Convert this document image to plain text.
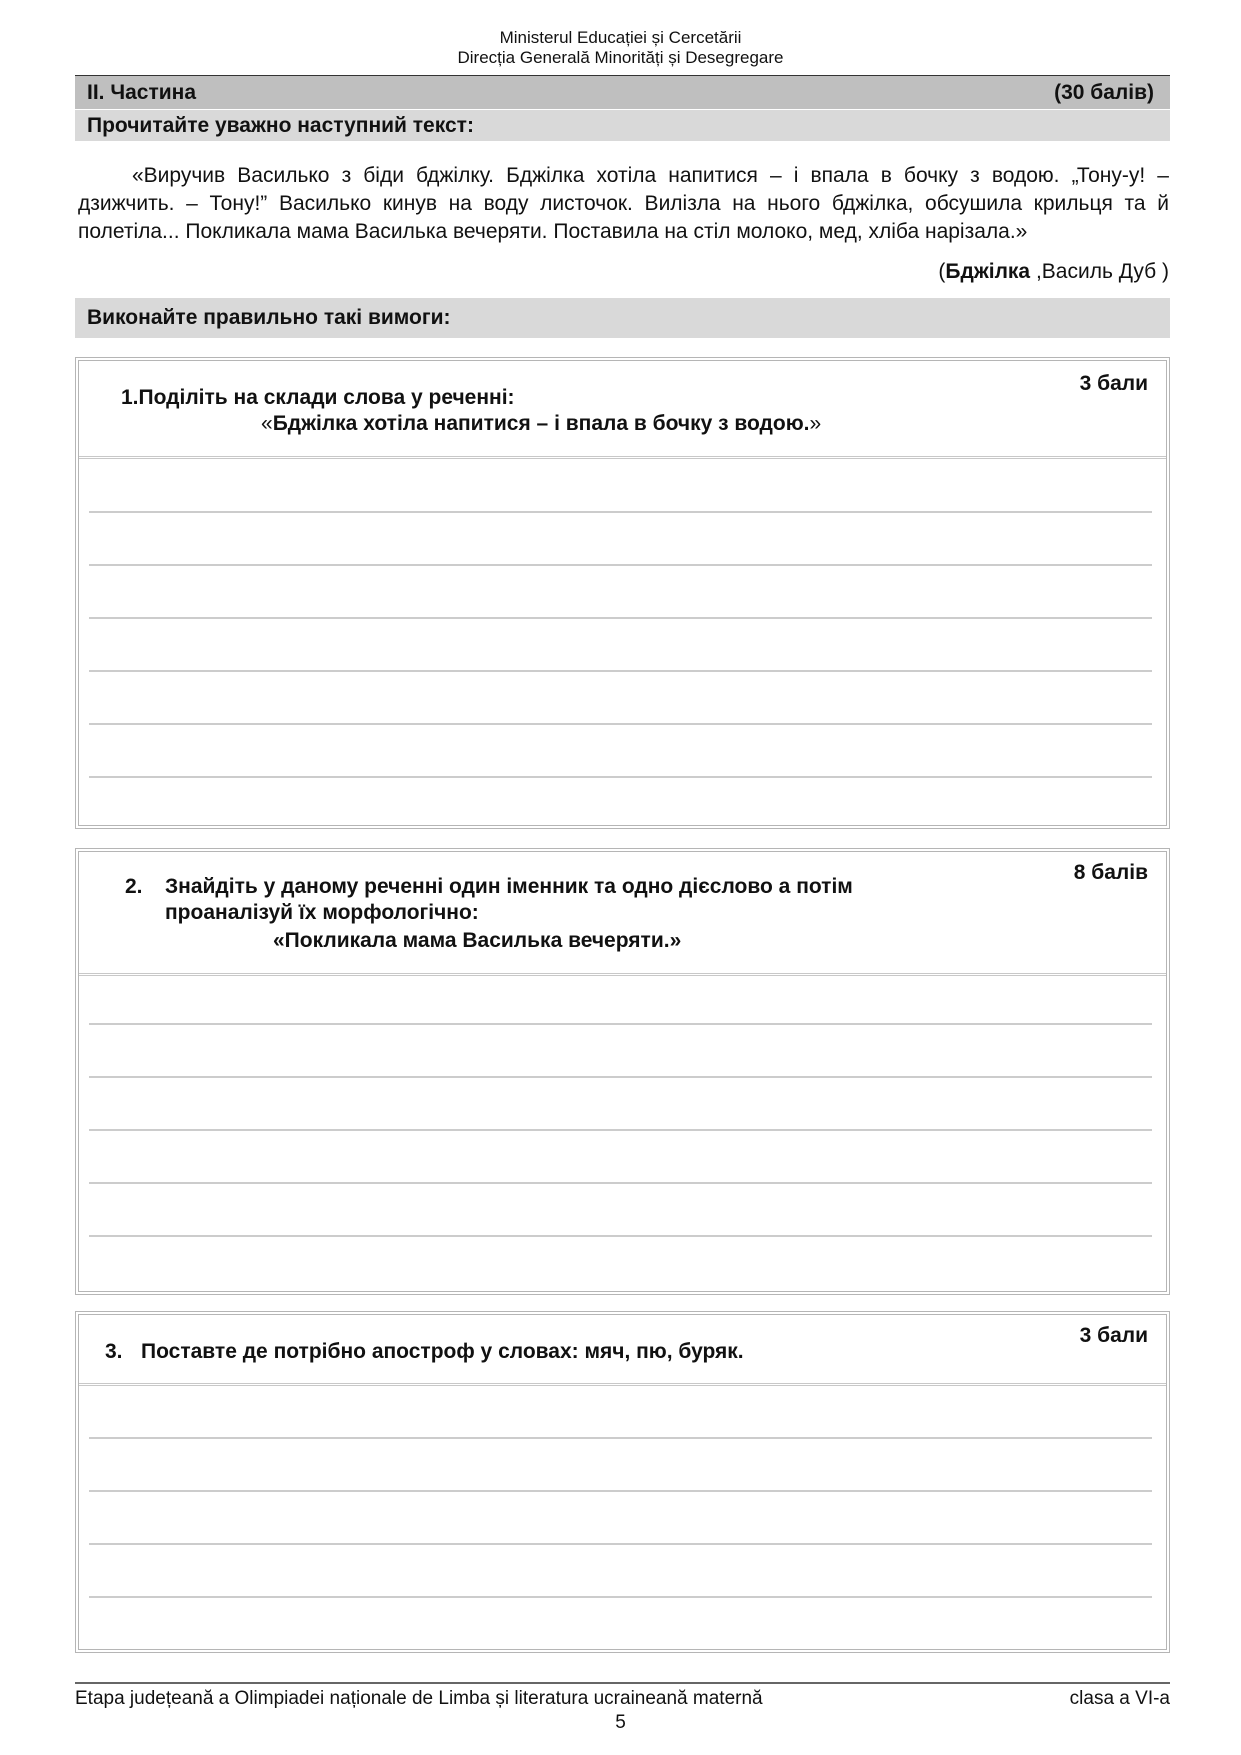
Ministerul Educației și Cercetării
Direcția Generală Minorități și Desegregare
II. Частина	(30 балів)
Прочитайте уважно наступний текст:
«Виручив Василько з біди бджілку. Бджілка хотіла напитися – і впала в бочку з водою. „Тону-у! – дзижчить. – Тону!” Василько кинув на воду листочок. Вилізла на нього бджілка, обсушила крильця та й полетіла... Покликала мама Василька вечеряти. Поставила на стіл молоко, мед, хліба нарізала.»
(Бджілка ,Василь Дуб )
Виконайте правильно такі вимоги:
1.Поділіть на склади слова у реченні:
«Бджілка хотіла напитися – і впала в бочку з водою.»
3 бали
2. Знайдіть у даному реченні один іменник та одно дієслово а потім
проаналізуй їх морфологічно:
«Покликала мама Василька вечеряти.»
8 балів
3. Поставте де потрібно апостроф у словах: мяч, пю, буряк.
3 бали
Etapa județeană a Olimpiadei naționale de Limba și literatura ucraineană maternă	clasa a VI-a
5
